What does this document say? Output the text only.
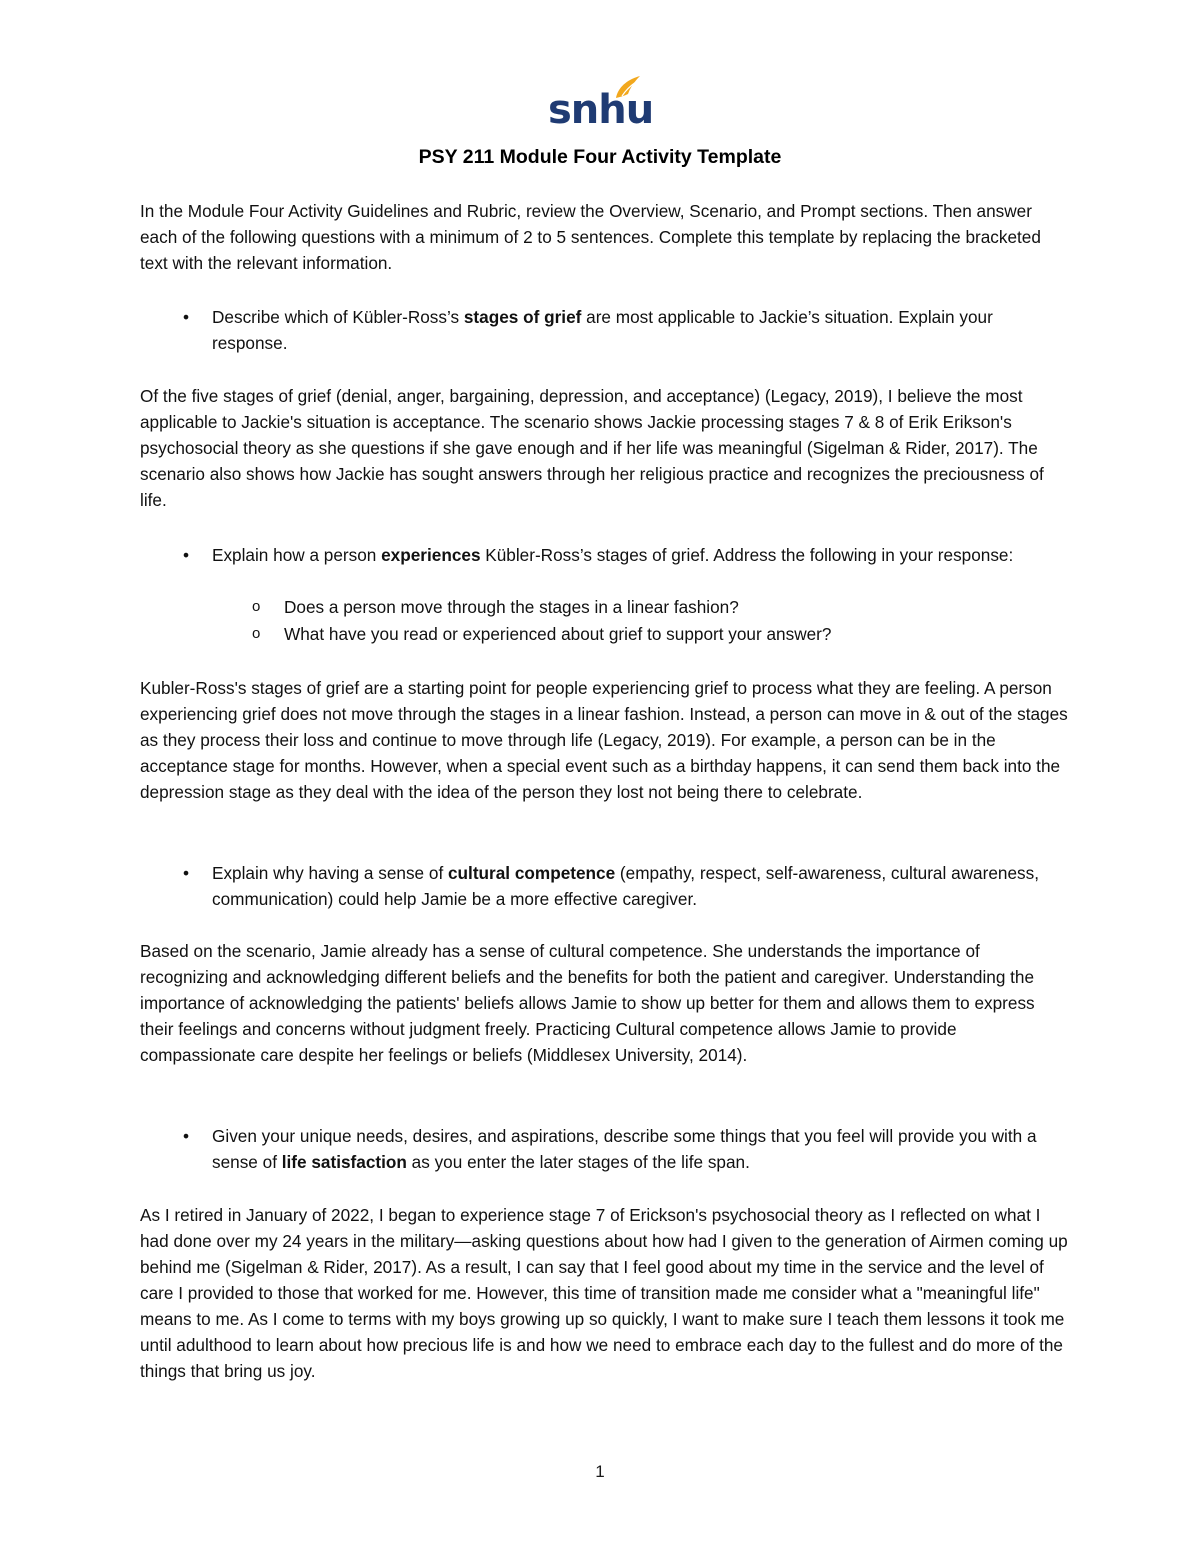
snhu
PSY 211 Module Four Activity Template

In the Module Four Activity Guidelines and Rubric, review the Overview, Scenario, and Prompt sections. Then answer each of the following questions with a minimum of 2 to 5 sentences. Complete this template by replacing the bracketed text with the relevant information.

•	Describe which of Kübler-Ross’s stages of grief are most applicable to Jackie’s situation. Explain your response.

Of the five stages of grief (denial, anger, bargaining, depression, and acceptance) (Legacy, 2019), I believe the most applicable to Jackie's situation is acceptance. The scenario shows Jackie processing stages 7 & 8 of Erik Erikson's psychosocial theory as she questions if she gave enough and if her life was meaningful (Sigelman & Rider, 2017). The scenario also shows how Jackie has sought answers through her religious practice and recognizes the preciousness of life.

•	Explain how a person experiences Kübler-Ross’s stages of grief. Address the following in your response:
o	Does a person move through the stages in a linear fashion?
o	What have you read or experienced about grief to support your answer?

Kubler-Ross's stages of grief are a starting point for people experiencing grief to process what they are feeling. A person experiencing grief does not move through the stages in a linear fashion. Instead, a person can move in & out of the stages as they process their loss and continue to move through life (Legacy, 2019). For example, a person can be in the acceptance stage for months. However, when a special event such as a birthday happens, it can send them back into the depression stage as they deal with the idea of the person they lost not being there to celebrate.

•	Explain why having a sense of cultural competence (empathy, respect, self-awareness, cultural awareness, communication) could help Jamie be a more effective caregiver.

Based on the scenario, Jamie already has a sense of cultural competence. She understands the importance of recognizing and acknowledging different beliefs and the benefits for both the patient and caregiver. Understanding the importance of acknowledging the patients' beliefs allows Jamie to show up better for them and allows them to express their feelings and concerns without judgment freely. Practicing Cultural competence allows Jamie to provide compassionate care despite her feelings or beliefs (Middlesex University, 2014).

•	Given your unique needs, desires, and aspirations, describe some things that you feel will provide you with a sense of life satisfaction as you enter the later stages of the life span.

As I retired in January of 2022, I began to experience stage 7 of Erickson's psychosocial theory as I reflected on what I had done over my 24 years in the military—asking questions about how had I given to the generation of Airmen coming up behind me (Sigelman & Rider, 2017). As a result, I can say that I feel good about my time in the service and the level of care I provided to those that worked for me. However, this time of transition made me consider what a "meaningful life" means to me. As I come to terms with my boys growing up so quickly, I want to make sure I teach them lessons it took me until adulthood to learn about how precious life is and how we need to embrace each day to the fullest and do more of the things that bring us joy.

1
